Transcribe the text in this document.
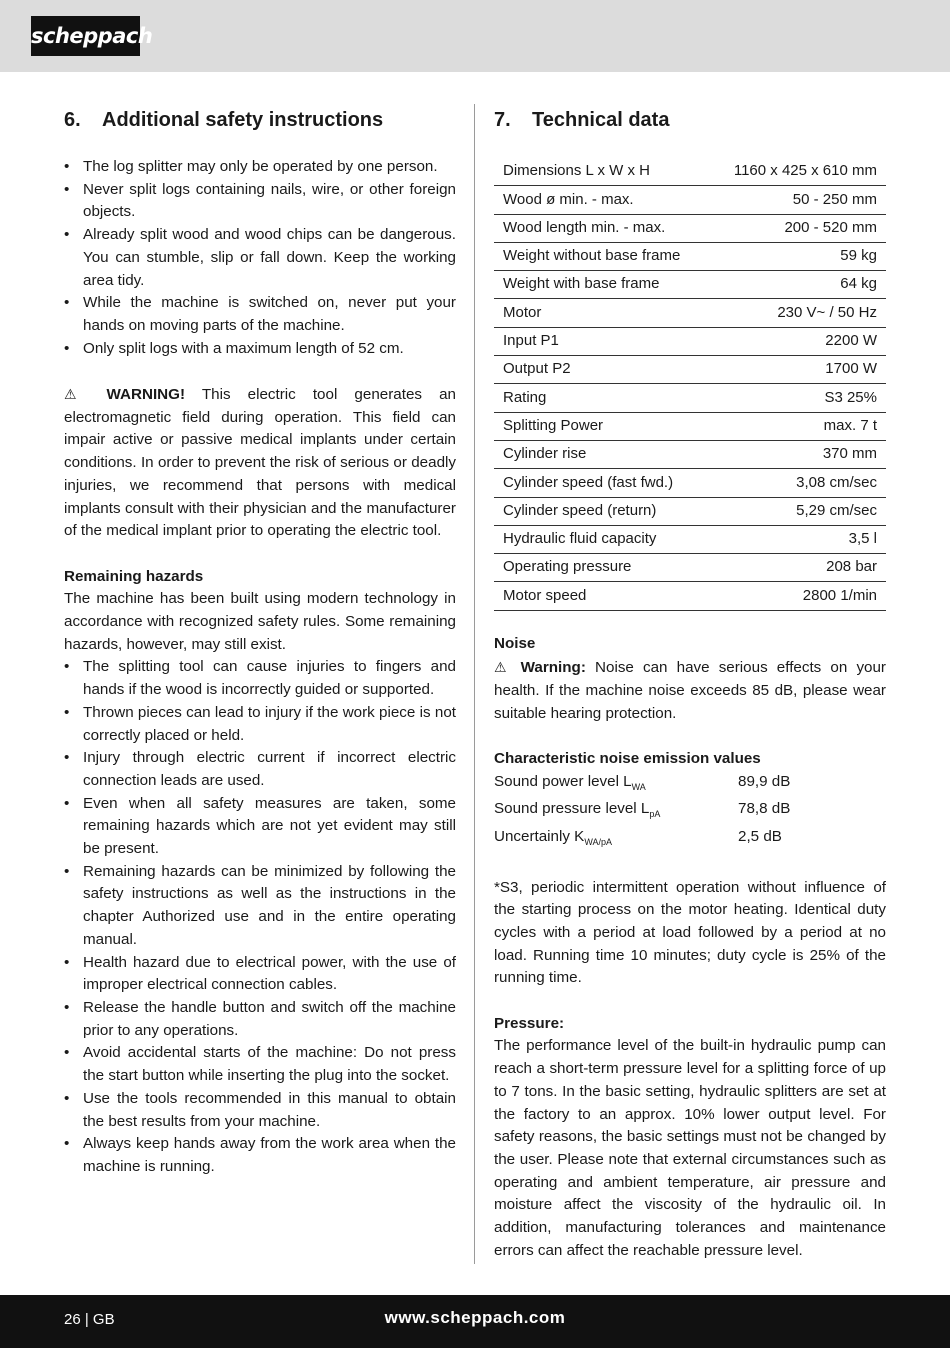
scheppach
6. Additional safety instructions
• The log splitter may only be operated by one person.
• Never split logs containing nails, wire, or other foreign objects.
• Already split wood and wood chips can be dangerous. You can stumble, slip or fall down. Keep the working area tidy.
• While the machine is switched on, never put your hands on moving parts of the machine.
• Only split logs with a maximum length of 52 cm.

⚠ WARNING! This electric tool generates an electromagnetic field during operation. This field can impair active or passive medical implants under certain conditions. In order to prevent the risk of serious or deadly injuries, we recommend that persons with medical implants consult with their physician and the manufacturer of the medical implant prior to operating the electric tool.

Remaining hazards

The machine has been built using modern technology in accordance with recognized safety rules. Some remaining hazards, however, may still exist.

• The splitting tool can cause injuries to fingers and hands if the wood is incorrectly guided or supported.
• Thrown pieces can lead to injury if the work piece is not correctly placed or held.
• Injury through electric current if incorrect electric connection leads are used.
• Even when all safety measures are taken, some remaining hazards which are not yet evident may still be present.
• Remaining hazards can be minimized by following the safety instructions as well as the instructions in the chapter Authorized use and in the entire operating manual.
• Health hazard due to electrical power, with the use of improper electrical connection cables.
• Release the handle button and switch off the machine prior to any operations.
• Avoid accidental starts of the machine: Do not press the start button while inserting the plug into the socket.
• Use the tools recommended in this manual to obtain the best results from your machine.
• Always keep hands away from the work area when the machine is running.
7. Technical data
Dimensions L x W x H	1160 x 425 x 610 mm
Wood ø min. - max.	50 - 250 mm
Wood length min. - max.	200 - 520 mm
Weight without base frame	59 kg
Weight with base frame	64 kg
Motor	230 V~ / 50 Hz
Input P1	2200 W
Output P2	1700 W
Rating	S3 25%
Splitting Power	max. 7 t
Cylinder rise	370 mm
Cylinder speed (fast fwd.)	3,08 cm/sec
Cylinder speed (return)	5,29 cm/sec
Hydraulic fluid capacity	3,5 l
Operating pressure	208 bar
Motor speed	2800 1/min

Noise

⚠ Warning: Noise can have serious effects on your health. If the machine noise exceeds 85 dB, please wear suitable hearing protection.

Characteristic noise emission values

Sound power level $L_{WA}$	89,9 dB
Sound pressure level $L_{pA}$	78,8 dB
Uncertainly $K_{WA/pA}$	2,5 dB

*S3, periodic intermittent operation without influence of the starting process on the motor heating. Identical duty cycles with a period at load followed by a period at no load. Running time 10 minutes; duty cycle is 25% of the running time.

Pressure:

The performance level of the built-in hydraulic pump can reach a short-term pressure level for a splitting force of up to 7 tons. In the basic setting, hydraulic splitters are set at the factory to an approx. 10% lower output level. For safety reasons, the basic settings must not be changed by the user. Please note that external circumstances such as operating and ambient temperature, air pressure and moisture affect the viscosity of the hydraulic oil. In addition, manufacturing tolerances and maintenance errors can affect the reachable pressure level.

26 | GB	www.scheppach.com
